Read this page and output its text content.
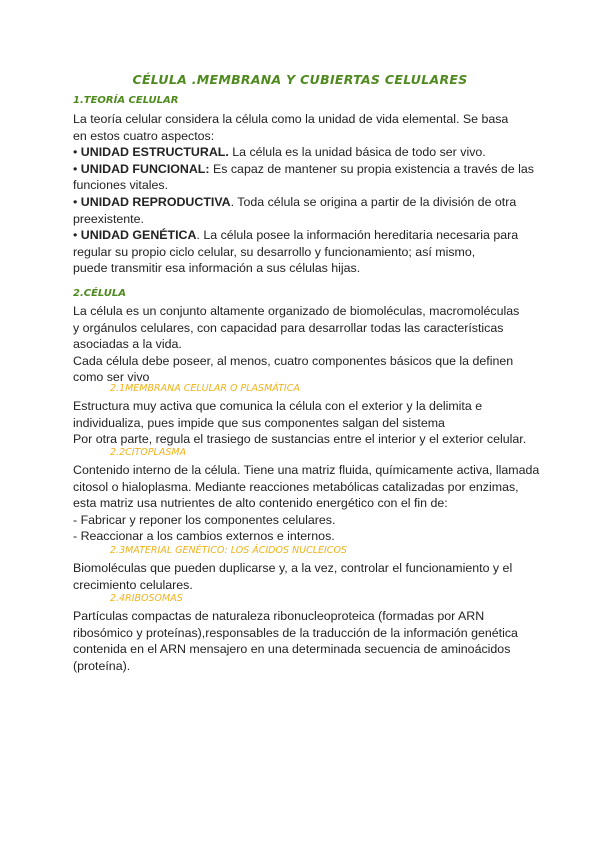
CÉLULA .MEMBRANA Y CUBIERTAS CELULARES
1.TEORÍA CELULAR
La teoría celular considera la célula como la unidad de vida elemental. Se basa
en estos cuatro aspectos:
• UNIDAD ESTRUCTURAL. La célula es la unidad básica de todo ser vivo.
• UNIDAD FUNCIONAL: Es capaz de mantener su propia existencia a través de las
funciones vitales.
• UNIDAD REPRODUCTIVA. Toda célula se origina a partir de la división de otra
preexistente.
• UNIDAD GENÉTICA. La célula posee la información hereditaria necesaria para
regular su propio ciclo celular, su desarrollo y funcionamiento; así mismo,
puede transmitir esa información a sus células hijas.
2.CÉLULA
La célula es un conjunto altamente organizado de biomoléculas, macromoléculas
y orgánulos celulares, con capacidad para desarrollar todas las características
asociadas a la vida.
Cada célula debe poseer, al menos, cuatro componentes básicos que la definen
como ser vivo
2.1MEMBRANA CELULAR O PLASMÁTICA
Estructura muy activa que comunica la célula con el exterior y la delimita e
individualiza, pues impide que sus componentes salgan del sistema
Por otra parte, regula el trasiego de sustancias entre el interior y el exterior celular.
2.2CITOPLASMA
Contenido interno de la célula. Tiene una matriz fluida, químicamente activa, llamada
citosol o hialoplasma. Mediante reacciones metabólicas catalizadas por enzimas,
esta matriz usa nutrientes de alto contenido energético con el fin de:
- Fabricar y reponer los componentes celulares.
- Reaccionar a los cambios externos e internos.
2.3MATERIAL GENÉTICO: LOS ÁCIDOS NUCLEICOS
Biomoléculas que pueden duplicarse y, a la vez, controlar el funcionamiento y el
crecimiento celulares.
2.4RIBOSOMAS
Partículas compactas de naturaleza ribonucleoproteica (formadas por ARN
ribosómico y proteínas),responsables de la traducción de la información genética
contenida en el ARN mensajero en una determinada secuencia de aminoácidos
(proteína).
